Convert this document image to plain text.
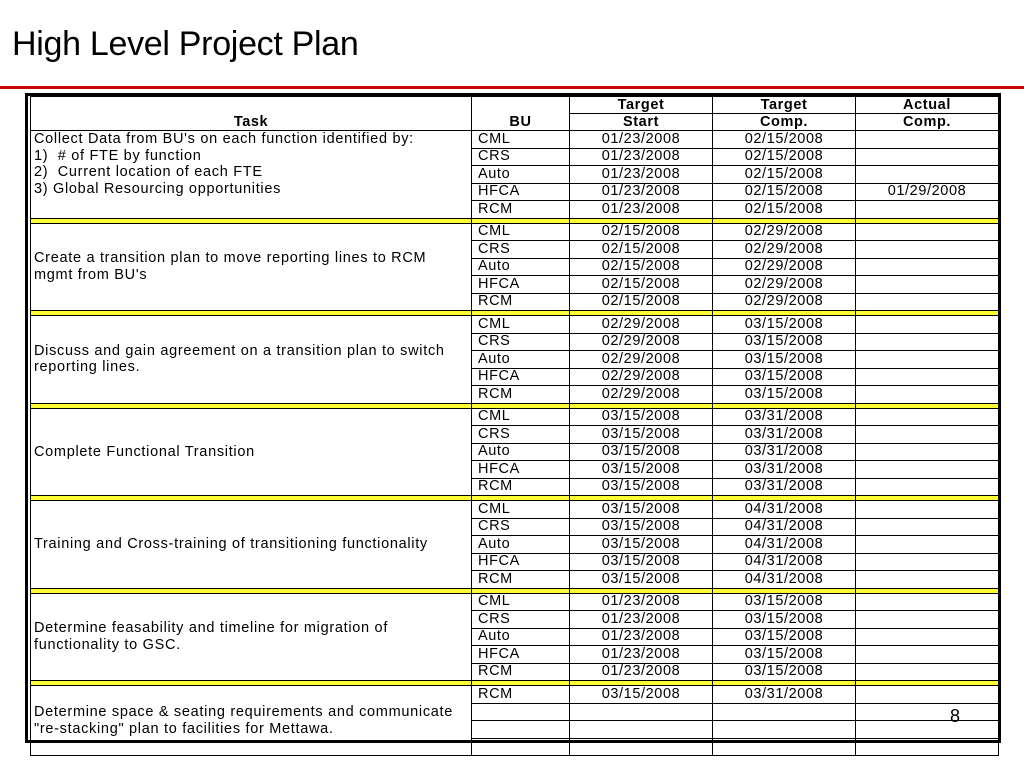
High Level Project Plan
Task	BU	Target	Target	Actual
		Start	Comp.	Comp.
Collect Data from BU's on each function identified by:
1)  # of FTE by function
2)  Current location of each FTE
3) Global Resourcing opportunities	CML	01/23/2008	02/15/2008	
	CRS	01/23/2008	02/15/2008	
	Auto	01/23/2008	02/15/2008	
	HFCA	01/23/2008	02/15/2008	01/29/2008
	RCM	01/23/2008	02/15/2008	

Create a transition plan to move reporting lines to RCM mgmt from BU's	CML	02/15/2008	02/29/2008	
	CRS	02/15/2008	02/29/2008	
	Auto	02/15/2008	02/29/2008	
	HFCA	02/15/2008	02/29/2008	
	RCM	02/15/2008	02/29/2008	

Discuss and gain agreement on a transition plan to switch reporting lines.	CML	02/29/2008	03/15/2008	
	CRS	02/29/2008	03/15/2008	
	Auto	02/29/2008	03/15/2008	
	HFCA	02/29/2008	03/15/2008	
	RCM	02/29/2008	03/15/2008	

Complete Functional Transition	CML	03/15/2008	03/31/2008	
	CRS	03/15/2008	03/31/2008	
	Auto	03/15/2008	03/31/2008	
	HFCA	03/15/2008	03/31/2008	
	RCM	03/15/2008	03/31/2008	

Training and Cross-training of transitioning functionality	CML	03/15/2008	04/31/2008	
	CRS	03/15/2008	04/31/2008	
	Auto	03/15/2008	04/31/2008	
	HFCA	03/15/2008	04/31/2008	
	RCM	03/15/2008	04/31/2008	

Determine feasability and timeline for migration of functionality to GSC.	CML	01/23/2008	03/15/2008	
	CRS	01/23/2008	03/15/2008	
	Auto	01/23/2008	03/15/2008	
	HFCA	01/23/2008	03/15/2008	
	RCM	01/23/2008	03/15/2008	

Determine space & seating requirements and communicate "re-stacking" plan to facilities for Mettawa.	RCM	03/15/2008	03/31/2008	

8
